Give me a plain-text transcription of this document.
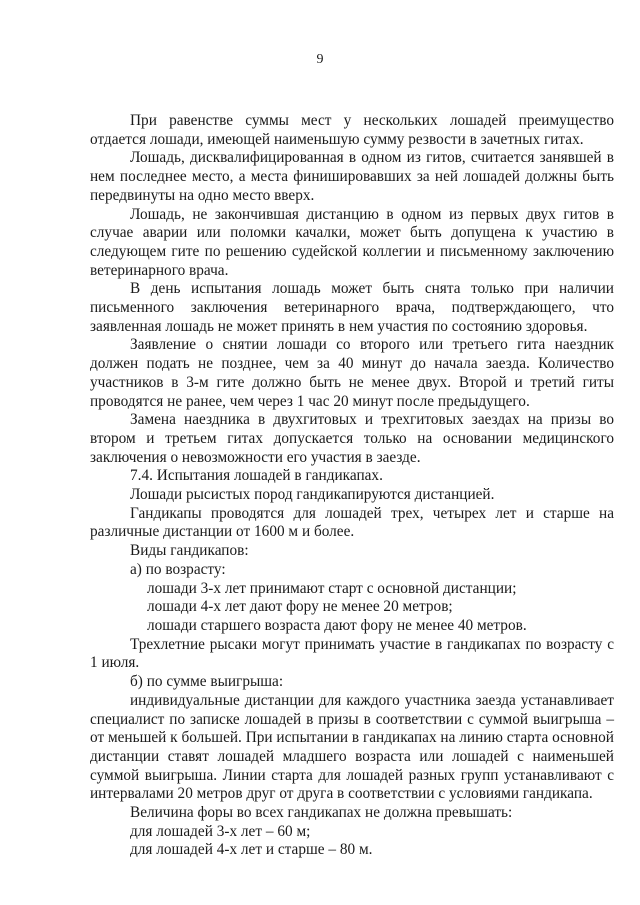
9

При равенстве суммы мест у нескольких лошадей преимущество отдается лошади, имеющей наименьшую сумму резвости в зачетных гитах.

Лошадь, дисквалифицированная в одном из гитов, считается занявшей в нем последнее место, а места финишировавших за ней лошадей должны быть передвинуты на одно место вверх.

Лошадь, не закончившая дистанцию в одном из первых двух гитов в случае аварии или поломки качалки, может быть допущена к участию в следующем гите по решению судейской коллегии и письменному заключению ветеринарного врача.

В день испытания лошадь может быть снята только при наличии письменного заключения ветеринарного врача, подтверждающего, что заявленная лошадь не может принять в нем участия по состоянию здоровья.

Заявление о снятии лошади со второго или третьего гита наездник должен подать не позднее, чем за 40 минут до начала заезда. Количество участников в 3-м гите должно быть не менее двух. Второй и третий гиты проводятся не ранее, чем через 1 час 20 минут после предыдущего.

Замена наездника в двухгитовых и трехгитовых заездах на призы во втором и третьем гитах допускается только на основании медицинского заключения о невозможности его участия в заезде.

7.4. Испытания лошадей в гандикапах.

Лошади рысистых пород гандикапируются дистанцией.

Гандикапы проводятся для лошадей трех, четырех лет и старше на различные дистанции от 1600 м и более.

Виды гандикапов:

а) по возрасту:

лошади 3-х лет принимают старт с основной дистанции;

лошади 4-х лет дают фору не менее 20 метров;

лошади старшего возраста дают фору не менее 40 метров.

Трехлетние рысаки могут принимать участие в гандикапах по возрасту с 1 июля.

б) по сумме выигрыша:

индивидуальные дистанции для каждого участника заезда устанавливает специалист по записке лошадей в призы в соответствии с суммой выигрыша – от меньшей к большей. При испытании в гандикапах на линию старта основной дистанции ставят лошадей младшего возраста или лошадей с наименьшей суммой выигрыша. Линии старта для лошадей разных групп устанавливают с интервалами 20 метров друг от друга в соответствии с условиями гандикапа.

Величина форы во всех гандикапах не должна превышать:

для лошадей 3-х лет – 60 м;

для лошадей 4-х лет и старше – 80 м.
